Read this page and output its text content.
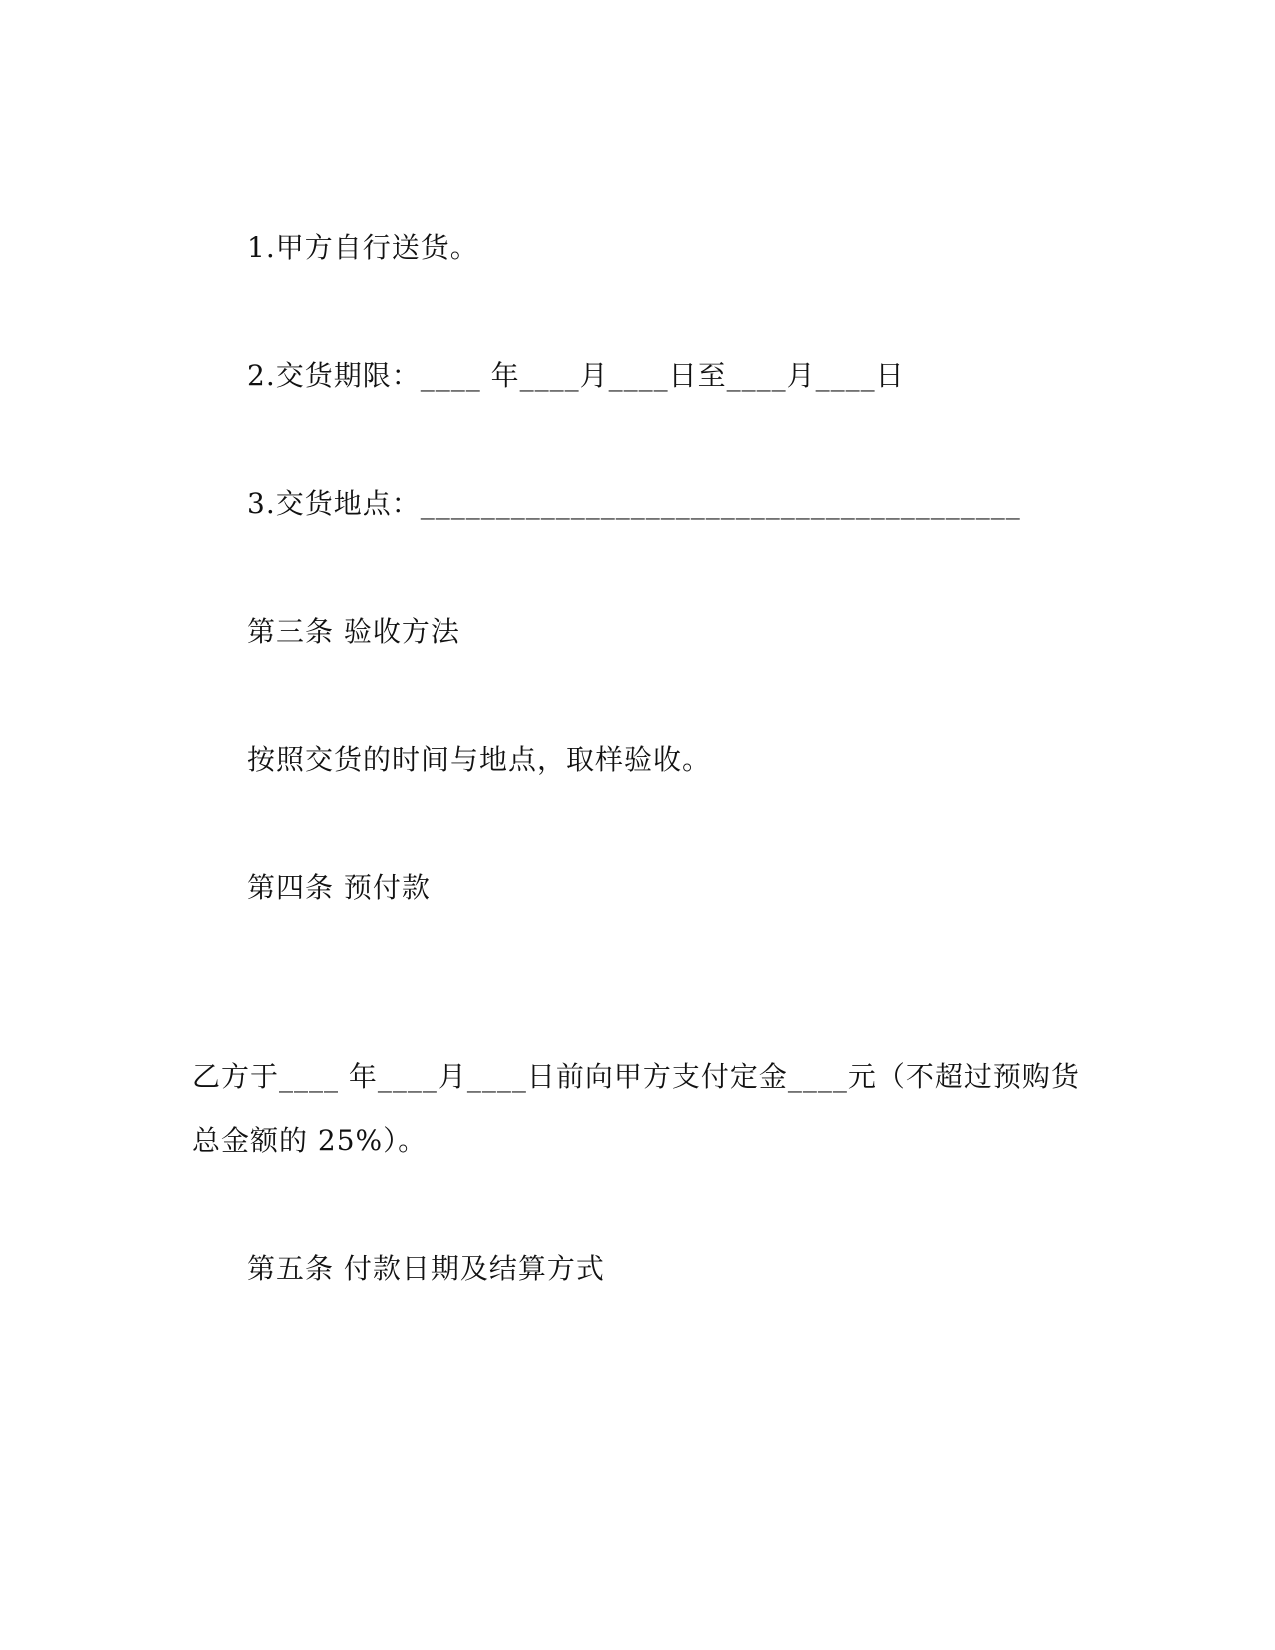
1.甲方自行送货。
2.交货期限：____ 年____月____日至____月____日
3.交货地点：________________________________________
第三条 验收方法
按照交货的时间与地点，取样验收。
第四条 预付款
乙方于____ 年____月____日前向甲方支付定金____元（不超过预购货
总金额的 25%）。
第五条 付款日期及结算方式
